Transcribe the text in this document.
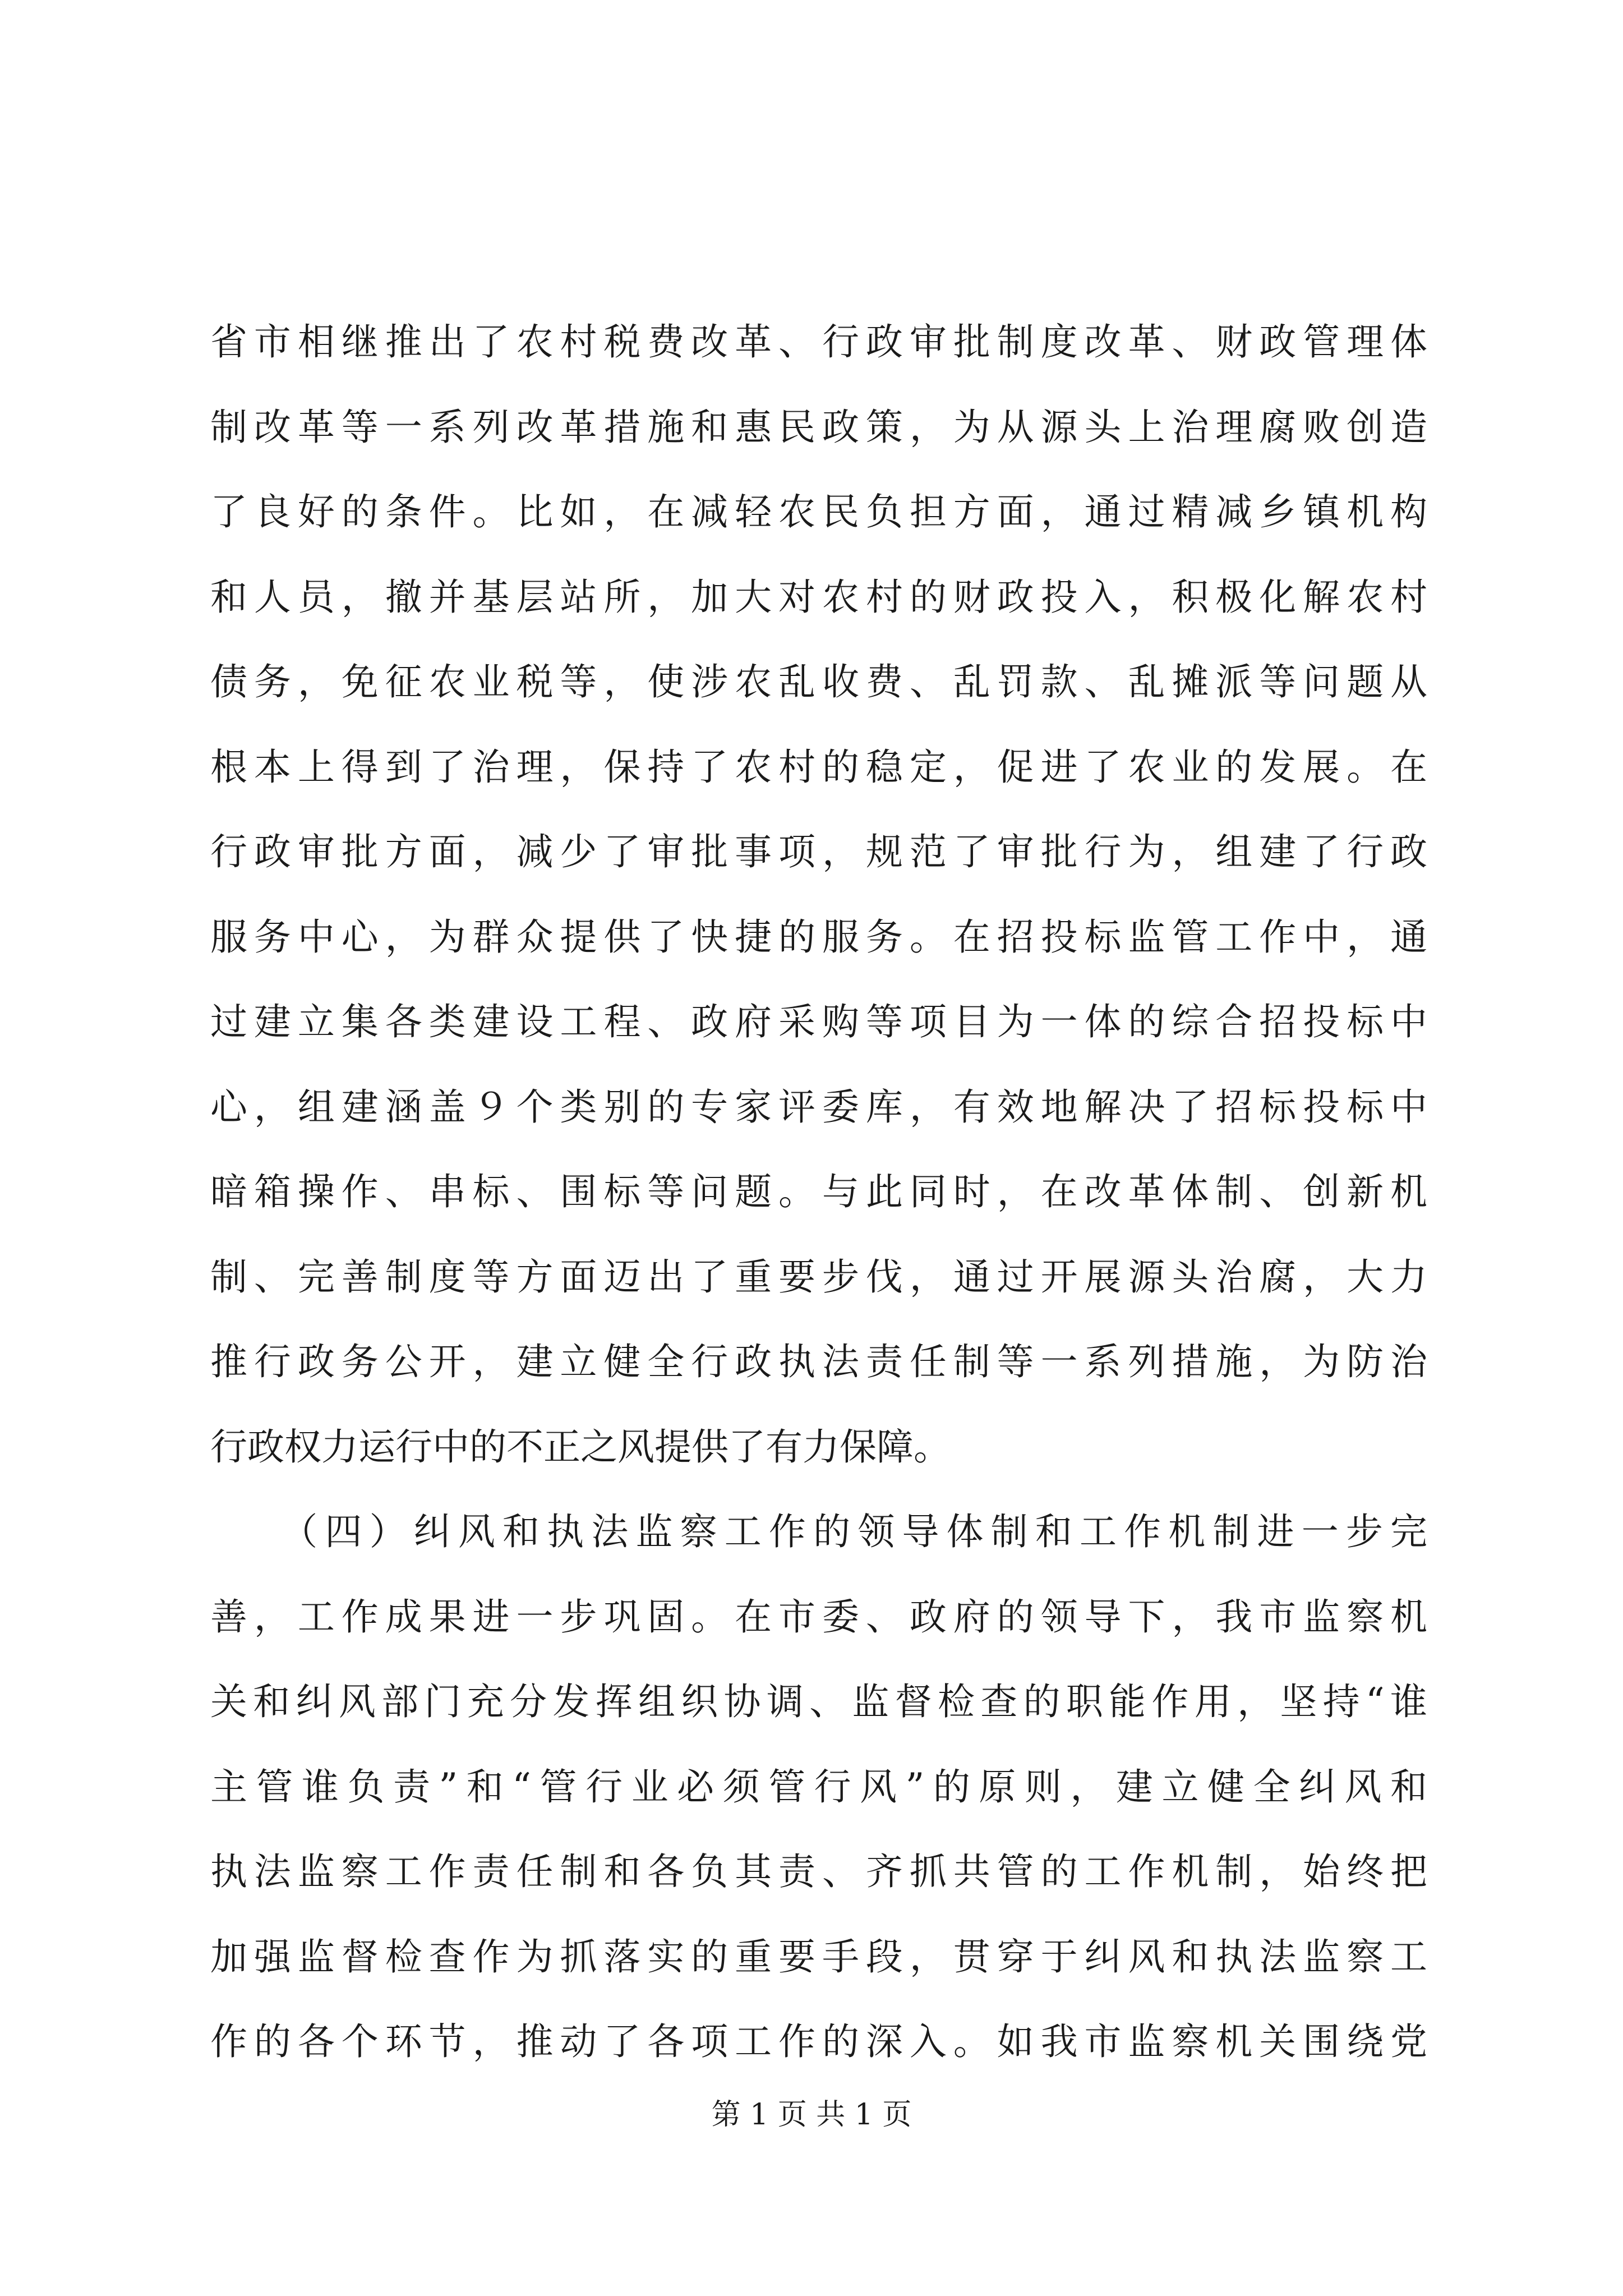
省市相继推出了农村税费改革、行政审批制度改革、财政管理体
制改革等一系列改革措施和惠民政策，为从源头上治理腐败创造
了良好的条件。比如，在减轻农民负担方面，通过精减乡镇机构
和人员，撤并基层站所，加大对农村的财政投入，积极化解农村
债务，免征农业税等，使涉农乱收费、乱罚款、乱摊派等问题从
根本上得到了治理，保持了农村的稳定，促进了农业的发展。在
行政审批方面，减少了审批事项，规范了审批行为，组建了行政
服务中心，为群众提供了快捷的服务。在招投标监管工作中，通
过建立集各类建设工程、政府采购等项目为一体的综合招投标中
心，组建涵盖９个类别的专家评委库，有效地解决了招标投标中
暗箱操作、串标、围标等问题。与此同时，在改革体制、创新机
制、完善制度等方面迈出了重要步伐，通过开展源头治腐，大力
推行政务公开，建立健全行政执法责任制等一系列措施，为防治
行政权力运行中的不正之风提供了有力保障。
　　（四）纠风和执法监察工作的领导体制和工作机制进一步完
善，工作成果进一步巩固。在市委、政府的领导下，我市监察机
关和纠风部门充分发挥组织协调、监督检查的职能作用，坚持“谁
主管谁负责”和“管行业必须管行风”的原则，建立健全纠风和
执法监察工作责任制和各负其责、齐抓共管的工作机制，始终把
加强监督检查作为抓落实的重要手段，贯穿于纠风和执法监察工
作的各个环节，推动了各项工作的深入。如我市监察机关围绕党
第 1 页 共 1 页
